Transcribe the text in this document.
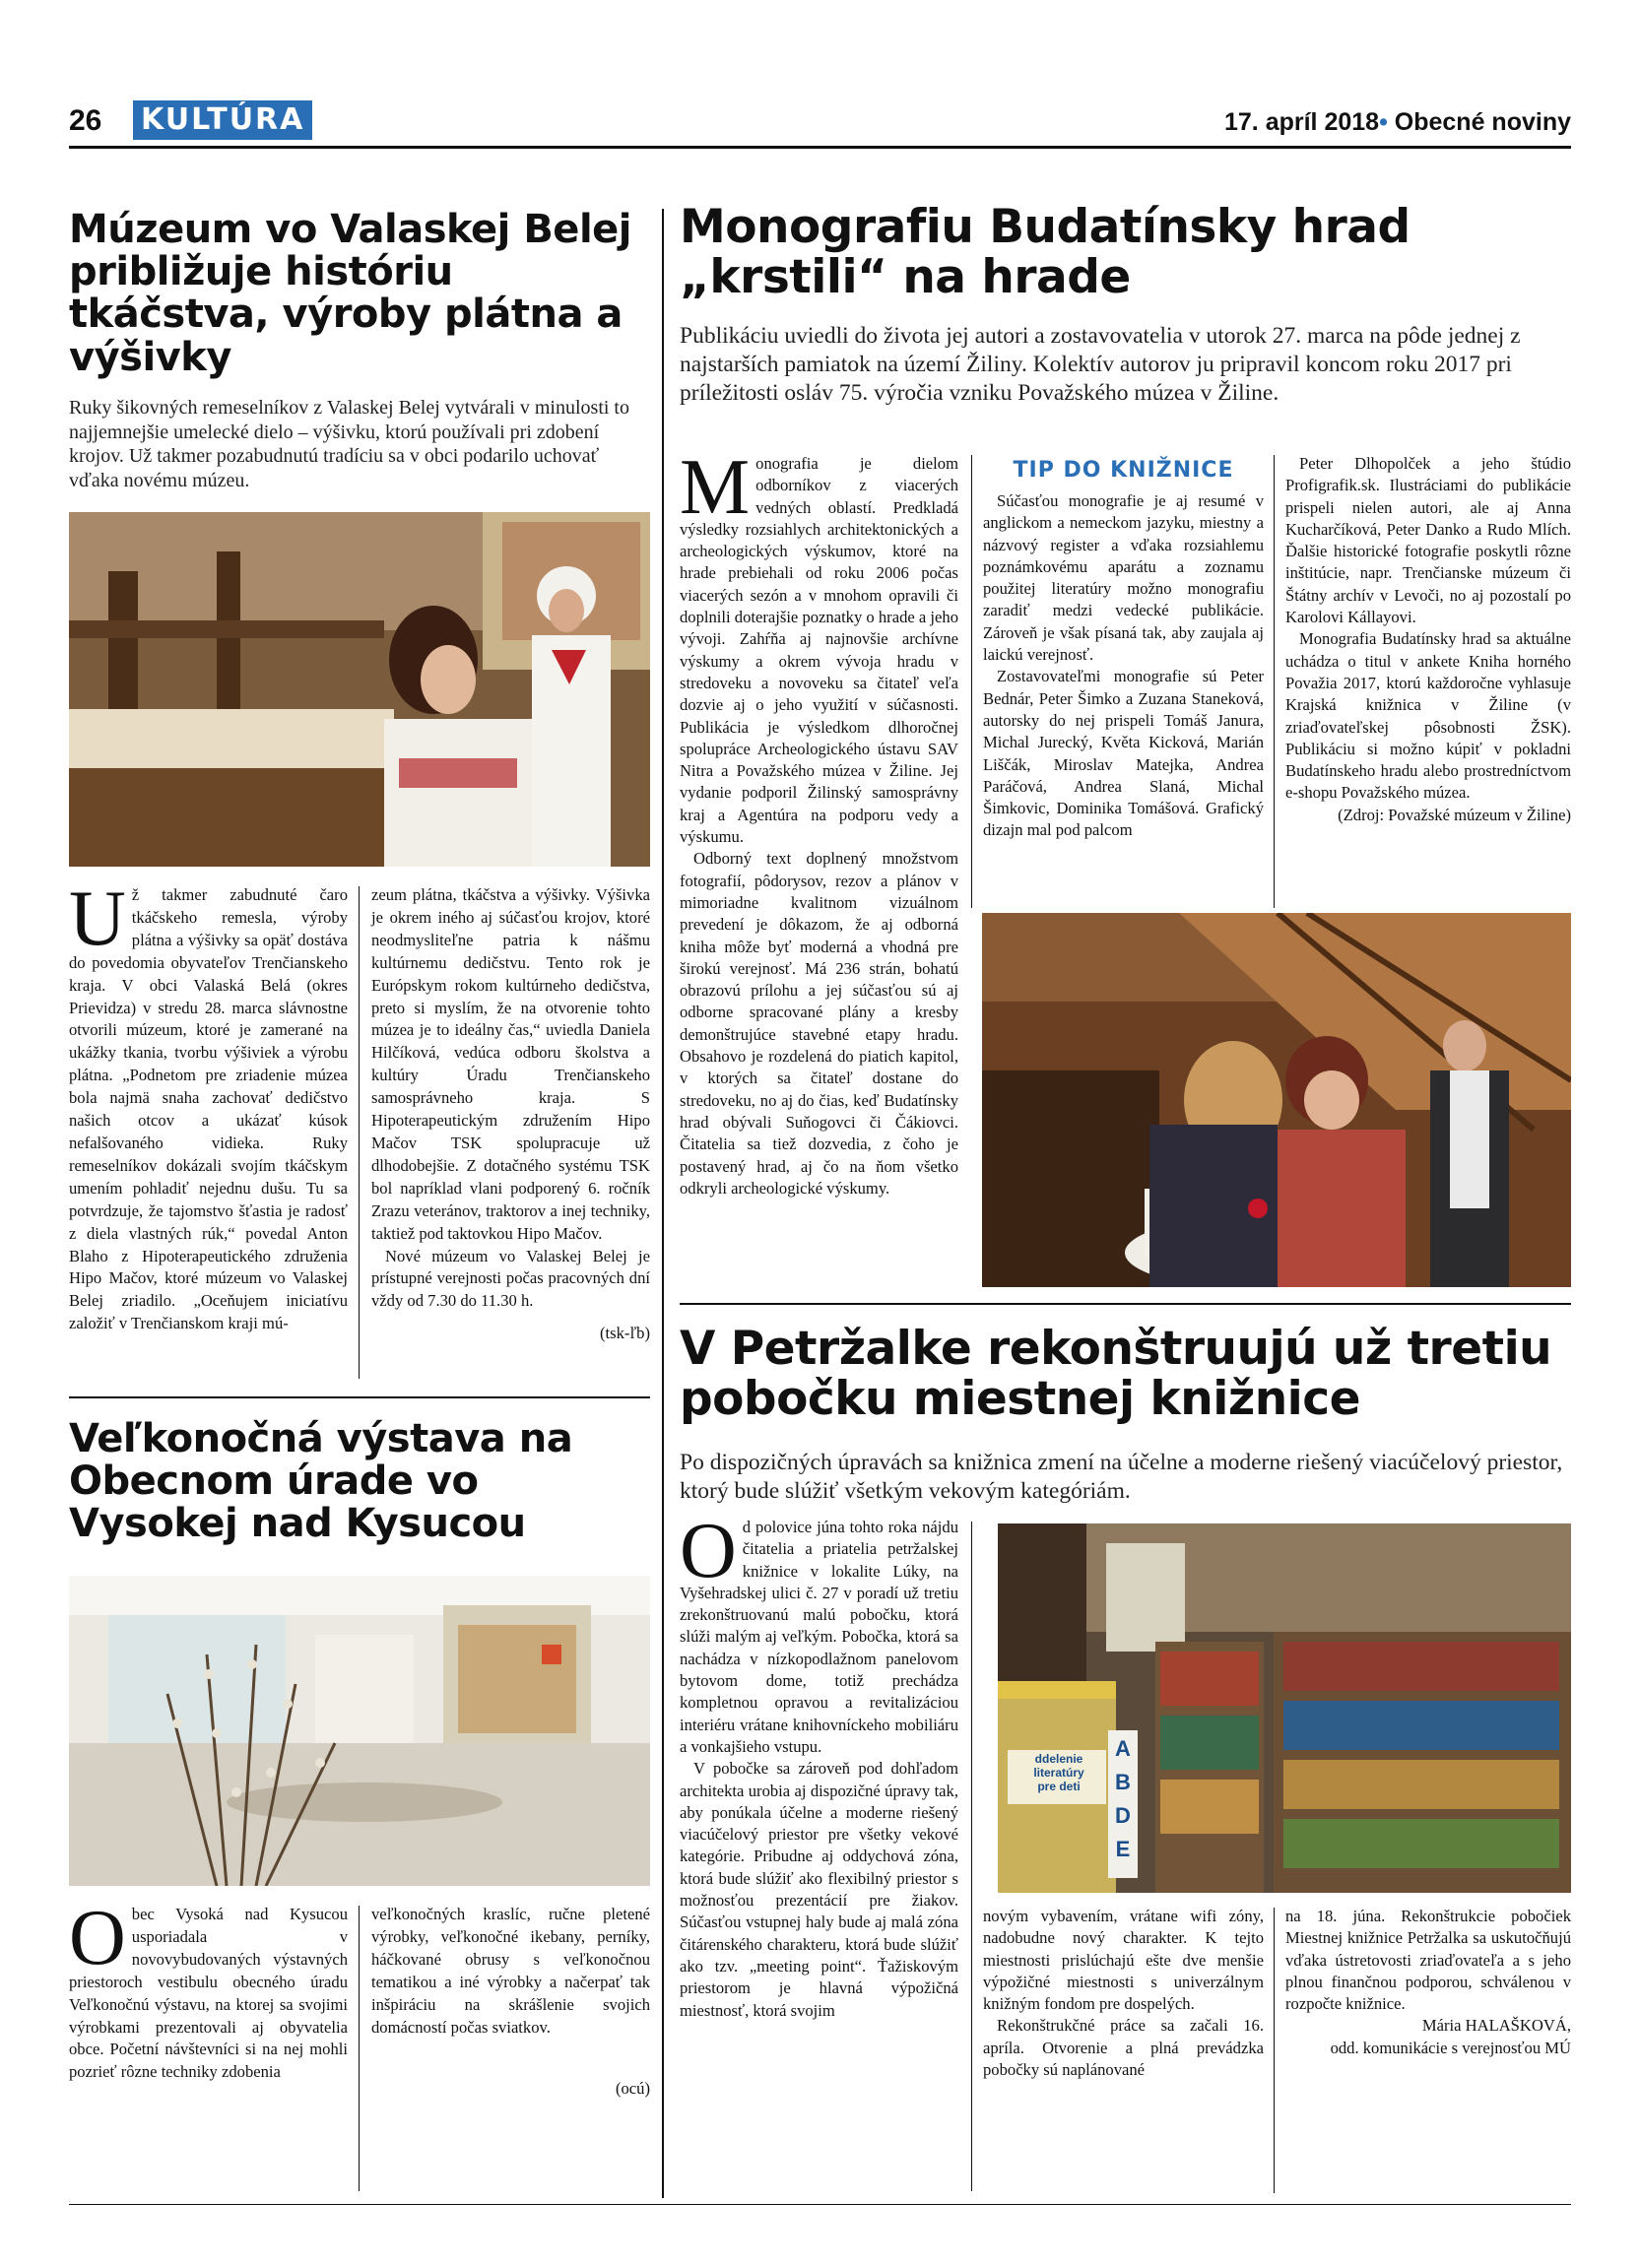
26 KULTÚRA	17. apríl 2018• Obecné noviny
Múzeum vo Valaskej Belej približuje históriu tkáčstva, výroby plátna a výšivky
Ruky šikovných remeselníkov z Valaskej Belej vytvárali v minulosti to najjemnejšie umelecké dielo – výšivku, ktorú používali pri zdobení krojov. Už takmer pozabudnutú tradíciu sa v obci podarilo uchovať vďaka novému múzeu.

Už takmer zabudnuté čaro tkáčskeho remesla, výroby plátna a výšivky sa opäť dostáva do povedomia obyvateľov Trenčianskeho kraja. V obci Valaská Belá (okres Prievidza) v stredu 28. marca slávnostne otvorili múzeum, ktoré je zamerané na ukážky tkania, tvorbu výšiviek a výrobu plátna. „Podnetom pre zriadenie múzea bola najmä snaha zachovať dedičstvo našich otcov a ukázať kúsok nefalšovaného vidieka. Ruky remeselníkov dokázali svojím tkáčskym umením pohladiť nejednu dušu. Tu sa potvrdzuje, že tajomstvo šťastia je radosť z diela vlastných rúk,“ povedal Anton Blaho z Hipoterapeutického združenia Hipo Mačov, ktoré múzeum vo Valaskej Belej zriadilo. „Oceňujem iniciatívu založiť v Trenčianskom kraji mú-

zeum plátna, tkáčstva a výšivky. Výšivka je okrem iného aj súčasťou krojov, ktoré neodmysliteľne patria k nášmu kultúrnemu dedičstvu. Tento rok je Európskym rokom kultúrneho dedičstva, preto si myslím, že na otvorenie tohto múzea je to ideálny čas,“ uviedla Daniela Hilčíková, vedúca odboru školstva a kultúry Úradu Trenčianskeho samosprávneho kraja. S Hipoterapeutickým združením Hipo Mačov TSK spolupracuje už dlhodobejšie. Z dotačného systému TSK bol napríklad vlani podporený 6. ročník Zrazu veteránov, traktorov a inej techniky, taktiež pod taktovkou Hipo Mačov.

Nové múzeum vo Valaskej Belej je prístupné verejnosti počas pracovných dní vždy od 7.30 do 11.30 h.

(tsk-ľb)

Veľkonočná výstava na Obecnom úrade vo Vysokej nad Kysucou

Obec Vysoká nad Kysucou usporiadala v novovybudovaných výstavných priestoroch vestibulu obecného úradu Veľkonočnú výstavu, na ktorej sa svojimi výrobkami prezentovali aj obyvatelia obce. Početní návštevníci si na nej mohli pozrieť rôzne techniky zdobenia

veľkonočných kraslíc, ručne pletené výrobky, veľkonočné ikebany, perníky, háčkované obrusy s veľkonočnou tematikou a iné výrobky a načerpať tak inšpiráciu na skrášlenie svojich domácností počas sviatkov.

(ocú)

Monografiu Budatínsky hrad „krstili“ na hrade
Publikáciu uviedli do života jej autori a zostavovatelia v utorok 27. marca na pôde jednej z najstarších pamiatok na území Žiliny. Kolektív autorov ju pripravil koncom roku 2017 pri príležitosti osláv 75. výročia vzniku Považského múzea v Žiline.

Monografia je dielom odborníkov z viacerých vedných oblastí. Predkladá výsledky rozsiahlych architektonických a archeologických výskumov, ktoré na hrade prebiehali od roku 2006 počas viacerých sezón a v mnohom opravili či doplnili doterajšie poznatky o hrade a jeho vývoji. Zahŕňa aj najnovšie archívne výskumy a okrem vývoja hradu v stredoveku a novoveku sa čitateľ veľa dozvie aj o jeho využití v súčasnosti. Publikácia je výsledkom dlhoročnej spolupráce Archeologického ústavu SAV Nitra a Považského múzea v Žiline. Jej vydanie podporil Žilinský samosprávny kraj a Agentúra na podporu vedy a výskumu.

Odborný text doplnený množstvom fotografií, pôdorysov, rezov a plánov v mimoriadne kvalitnom vizuálnom prevedení je dôkazom, že aj odborná kniha môže byť moderná a vhodná pre širokú verejnosť. Má 236 strán, bohatú obrazovú prílohu a jej súčasťou sú aj odborne spracované plány a kresby demonštrujúce stavebné etapy hradu. Obsahovo je rozdelená do piatich kapitol, v ktorých sa čitateľ dostane do stredoveku, no aj do čias, keď Budatínsky hrad obývali Suňogovci či Čákiovci. Čitatelia sa tiež dozvedia, z čoho je postavený hrad, aj čo na ňom všetko odkryli archeologické výskumy.

TIP DO KNIŽNICE

Súčasťou monografie je aj resumé v anglickom a nemeckom jazyku, miestny a názvový register a vďaka rozsiahlemu poznámkovému aparátu a zoznamu použitej literatúry možno monografiu zaradiť medzi vedecké publikácie. Zároveň je však písaná tak, aby zaujala aj laickú verejnosť.

Zostavovateľmi monografie sú Peter Bednár, Peter Šimko a Zuzana Staneková, autorsky do nej prispeli Tomáš Janura, Michal Jurecký, Květa Kicková, Marián Liščák, Miroslav Matejka, Andrea Paráčová, Andrea Slaná, Michal Šimkovic, Dominika Tomášová. Grafický dizajn mal pod palcom

Peter Dlhopolček a jeho štúdio Profigrafik.sk. Ilustráciami do publikácie prispeli nielen autori, ale aj Anna Kucharčíková, Peter Danko a Rudo Mlích. Ďalšie historické fotografie poskytli rôzne inštitúcie, napr. Trenčianske múzeum či Štátny archív v Levoči, no aj pozostalí po Karolovi Kállayovi.

Monografia Budatínsky hrad sa aktuálne uchádza o titul v ankete Kniha horného Považia 2017, ktorú každoročne vyhlasuje Krajská knižnica v Žiline (v zriaďovateľskej pôsobnosti ŽSK). Publikáciu si možno kúpiť v pokladni Budatínskeho hradu alebo prostredníctvom e-shopu Považského múzea.

(Zdroj: Považské múzeum v Žiline)

V Petržalke rekonštruujú už tretiu pobočku miestnej knižnice
Po dispozičných úpravách sa knižnica zmení na účelne a moderne riešený viacúčelový priestor, ktorý bude slúžiť všetkým vekovým kategóriám.

Od polovice júna tohto roka nájdu čitatelia a priatelia petržalskej knižnice v lokalite Lúky, na Vyšehradskej ulici č. 27 v poradí už tretiu zrekonštruovanú malú pobočku, ktorá slúži malým aj veľkým. Pobočka, ktorá sa nachádza v nízkopodlažnom panelovom bytovom dome, totiž prechádza kompletnou opravou a revitalizáciou interiéru vrátane knihovníckeho mobiliáru a vonkajšieho vstupu.

V pobočke sa zároveň pod dohľadom architekta urobia aj dispozičné úpravy tak, aby ponúkala účelne a moderne riešený viacúčelový priestor pre všetky vekové kategórie. Pribudne aj oddychová zóna, ktorá bude slúžiť ako flexibilný priestor s možnosťou prezentácií pre žiakov. Súčasťou vstupnej haly bude aj malá zóna čitárenského charakteru, ktorá bude slúžiť ako tzv. „meeting point“. Ťažiskovým priestorom je hlavná výpožičná miestnosť, ktorá svojim

ddelenie literatúry
pre deti
A
B
D
E

novým vybavením, vrátane wifi zóny, nadobudne nový charakter. K tejto miestnosti prislúchajú ešte dve menšie výpožičné miestnosti s univerzálnym knižným fondom pre dospelých.

Rekonštrukčné práce sa začali 16. apríla. Otvorenie a plná prevádzka pobočky sú naplánované

na 18. júna. Rekonštrukcie pobočiek Miestnej knižnice Petržalka sa uskutočňujú vďaka ústretovosti zriaďovateľa a s jeho plnou finančnou podporou, schválenou v rozpočte knižnice.

Mária HALAŠKOVÁ,

odd. komunikácie s verejnosťou MÚ
